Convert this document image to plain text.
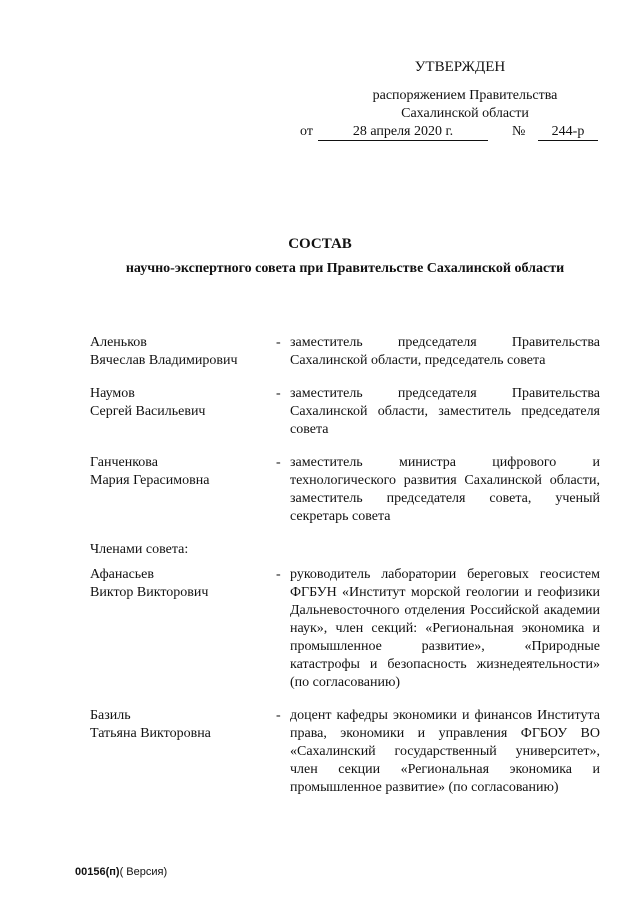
УТВЕРЖДЕН
распоряжением Правительства
Сахалинской области
от	28 апреля 2020 г.	№	244-р
СОСТАВ
научно-экспертного совета при Правительстве Сахалинской области
Аленьков
Вячеслав Владимирович
- заместитель председателя Правительства Сахалинской области, председатель совета
Наумов
Сергей Васильевич
- заместитель председателя Правительства Сахалинской области, заместитель председателя совета
Ганченкова
Мария Герасимовна
- заместитель министра цифрового и технологического развития Сахалинской области, заместитель председателя совета, ученый секретарь совета
Членами совета:
Афанасьев
Виктор Викторович
- руководитель лаборатории береговых геосистем ФГБУН «Институт морской геологии и геофизики Дальневосточного отделения Российской академии наук», член секций: «Региональная экономика и промышленное развитие», «Природные катастрофы и безопасность жизнедеятельности» (по согласованию)
Базиль
Татьяна Викторовна
- доцент кафедры экономики и финансов Института права, экономики и управления ФГБОУ ВО «Сахалинский государственный университет», член секции «Региональная экономика и промышленное развитие» (по согласованию)
00156(п)( Версия)
